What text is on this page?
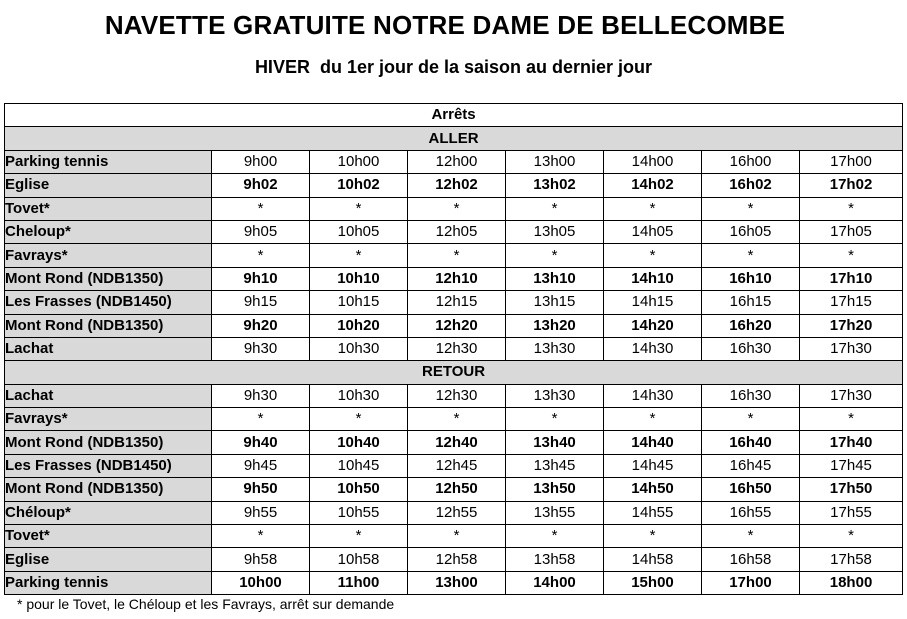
NAVETTE GRATUITE NOTRE DAME DE BELLECOMBE
HIVER  du 1er jour de la saison au dernier jour
Arrêts							
ALLER							
Parking tennis	9h00	10h00	12h00	13h00	14h00	16h00	17h00
Eglise	9h02	10h02	12h02	13h02	14h02	16h02	17h02
Tovet*	*	*	*	*	*	*	*
Cheloup*	9h05	10h05	12h05	13h05	14h05	16h05	17h05
Favrays*	*	*	*	*	*	*	*
Mont Rond (NDB1350)	9h10	10h10	12h10	13h10	14h10	16h10	17h10
Les Frasses (NDB1450)	9h15	10h15	12h15	13h15	14h15	16h15	17h15
Mont Rond (NDB1350)	9h20	10h20	12h20	13h20	14h20	16h20	17h20
Lachat	9h30	10h30	12h30	13h30	14h30	16h30	17h30
RETOUR							
Lachat	9h30	10h30	12h30	13h30	14h30	16h30	17h30
Favrays*	*	*	*	*	*	*	*
Mont Rond (NDB1350)	9h40	10h40	12h40	13h40	14h40	16h40	17h40
Les Frasses (NDB1450)	9h45	10h45	12h45	13h45	14h45	16h45	17h45
Mont Rond (NDB1350)	9h50	10h50	12h50	13h50	14h50	16h50	17h50
Chéloup*	9h55	10h55	12h55	13h55	14h55	16h55	17h55
Tovet*	*	*	*	*	*	*	*
Eglise	9h58	10h58	12h58	13h58	14h58	16h58	17h58
Parking tennis	10h00	11h00	13h00	14h00	15h00	17h00	18h00
* pour le Tovet, le Chéloup et les Favrays, arrêt sur demande
